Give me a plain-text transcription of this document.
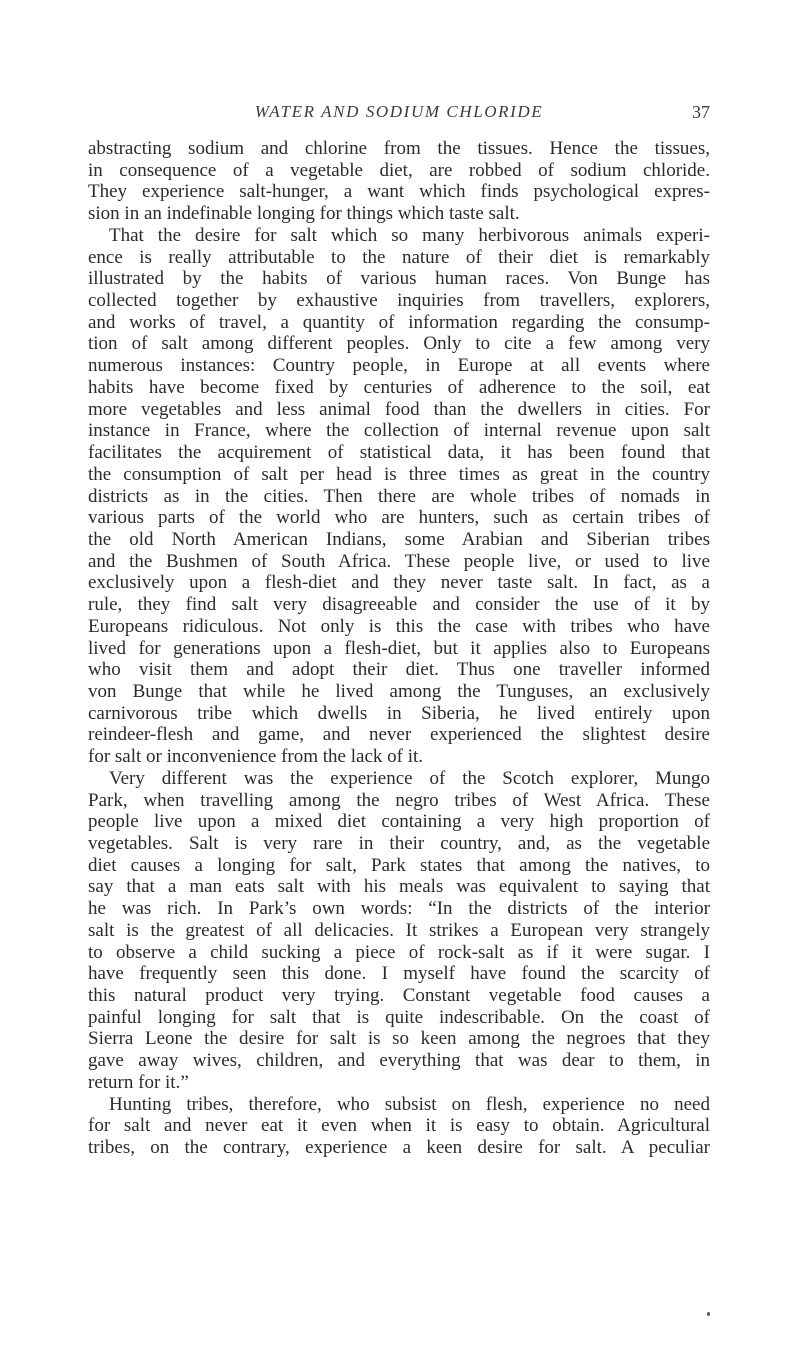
WATER AND SODIUM CHLORIDE	37
abstracting sodium and chlorine from the tissues. Hence the tissues,
in consequence of a vegetable diet, are robbed of sodium chloride.
They experience salt-hunger, a want which finds psychological expres-
sion in an indefinable longing for things which taste salt.
That the desire for salt which so many herbivorous animals experi-
ence is really attributable to the nature of their diet is remarkably
illustrated by the habits of various human races. Von Bunge has
collected together by exhaustive inquiries from travellers, explorers,
and works of travel, a quantity of information regarding the consump-
tion of salt among different peoples. Only to cite a few among very
numerous instances: Country people, in Europe at all events where
habits have become fixed by centuries of adherence to the soil, eat
more vegetables and less animal food than the dwellers in cities. For
instance in France, where the collection of internal revenue upon salt
facilitates the acquirement of statistical data, it has been found that
the consumption of salt per head is three times as great in the country
districts as in the cities. Then there are whole tribes of nomads in
various parts of the world who are hunters, such as certain tribes of
the old North American Indians, some Arabian and Siberian tribes
and the Bushmen of South Africa. These people live, or used to live
exclusively upon a flesh-diet and they never taste salt. In fact, as a
rule, they find salt very disagreeable and consider the use of it by
Europeans ridiculous. Not only is this the case with tribes who have
lived for generations upon a flesh-diet, but it applies also to Europeans
who visit them and adopt their diet. Thus one traveller informed
von Bunge that while he lived among the Tunguses, an exclusively
carnivorous tribe which dwells in Siberia, he lived entirely upon
reindeer-flesh and game, and never experienced the slightest desire
for salt or inconvenience from the lack of it.
Very different was the experience of the Scotch explorer, Mungo
Park, when travelling among the negro tribes of West Africa. These
people live upon a mixed diet containing a very high proportion of
vegetables. Salt is very rare in their country, and, as the vegetable
diet causes a longing for salt, Park states that among the natives, to
say that a man eats salt with his meals was equivalent to saying that
he was rich. In Park’s own words: “In the districts of the interior
salt is the greatest of all delicacies. It strikes a European very strangely
to observe a child sucking a piece of rock-salt as if it were sugar. I
have frequently seen this done. I myself have found the scarcity of
this natural product very trying. Constant vegetable food causes a
painful longing for salt that is quite indescribable. On the coast of
Sierra Leone the desire for salt is so keen among the negroes that they
gave away wives, children, and everything that was dear to them, in
return for it.”
Hunting tribes, therefore, who subsist on flesh, experience no need
for salt and never eat it even when it is easy to obtain. Agricultural
tribes, on the contrary, experience a keen desire for salt. A peculiar
